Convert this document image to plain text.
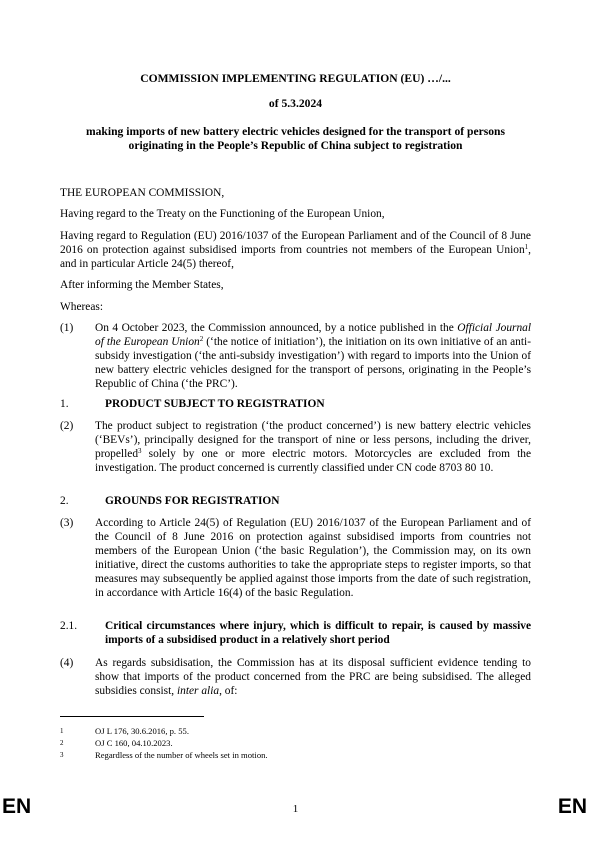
COMMISSION IMPLEMENTING REGULATION (EU) …/...
of 5.3.2024
making imports of new battery electric vehicles designed for the transport of persons
originating in the People’s Republic of China subject to registration
THE EUROPEAN COMMISSION,
Having regard to the Treaty on the Functioning of the European Union,
Having regard to Regulation (EU) 2016/1037 of the European Parliament and of the Council of 8 June 2016 on protection against subsidised imports from countries not members of the European Union$^1$, and in particular Article 24(5) thereof,
After informing the Member States,
Whereas:
(1) On 4 October 2023, the Commission announced, by a notice published in the Official Journal of the European Union$^2$ (‘the notice of initiation’), the initiation on its own initiative of an anti-subsidy investigation (‘the anti-subsidy investigation’) with regard to imports into the Union of new battery electric vehicles designed for the transport of persons, originating in the People’s Republic of China (‘the PRC’).
1.	PRODUCT SUBJECT TO REGISTRATION
(2) The product subject to registration (‘the product concerned’) is new battery electric vehicles (‘BEVs’), principally designed for the transport of nine or less persons, including the driver, propelled$^3$ solely by one or more electric motors. Motorcycles are excluded from the investigation. The product concerned is currently classified under CN code 8703 80 10.
2.	GROUNDS FOR REGISTRATION
(3) According to Article 24(5) of Regulation (EU) 2016/1037 of the European Parliament and of the Council of 8 June 2016 on protection against subsidised imports from countries not members of the European Union (‘the basic Regulation’), the Commission may, on its own initiative, direct the customs authorities to take the appropriate steps to register imports, so that measures may subsequently be applied against those imports from the date of such registration, in accordance with Article 16(4) of the basic Regulation.
2.1. Critical circumstances where injury, which is difficult to repair, is caused by massive imports of a subsidised product in a relatively short period
(4) As regards subsidisation, the Commission has at its disposal sufficient evidence tending to show that imports of the product concerned from the PRC are being subsidised. The alleged subsidies consist, inter alia, of:
1	OJ L 176, 30.6.2016, p. 55.
2	OJ C 160, 04.10.2023.
3	Regardless of the number of wheels set in motion.
EN	1	EN
